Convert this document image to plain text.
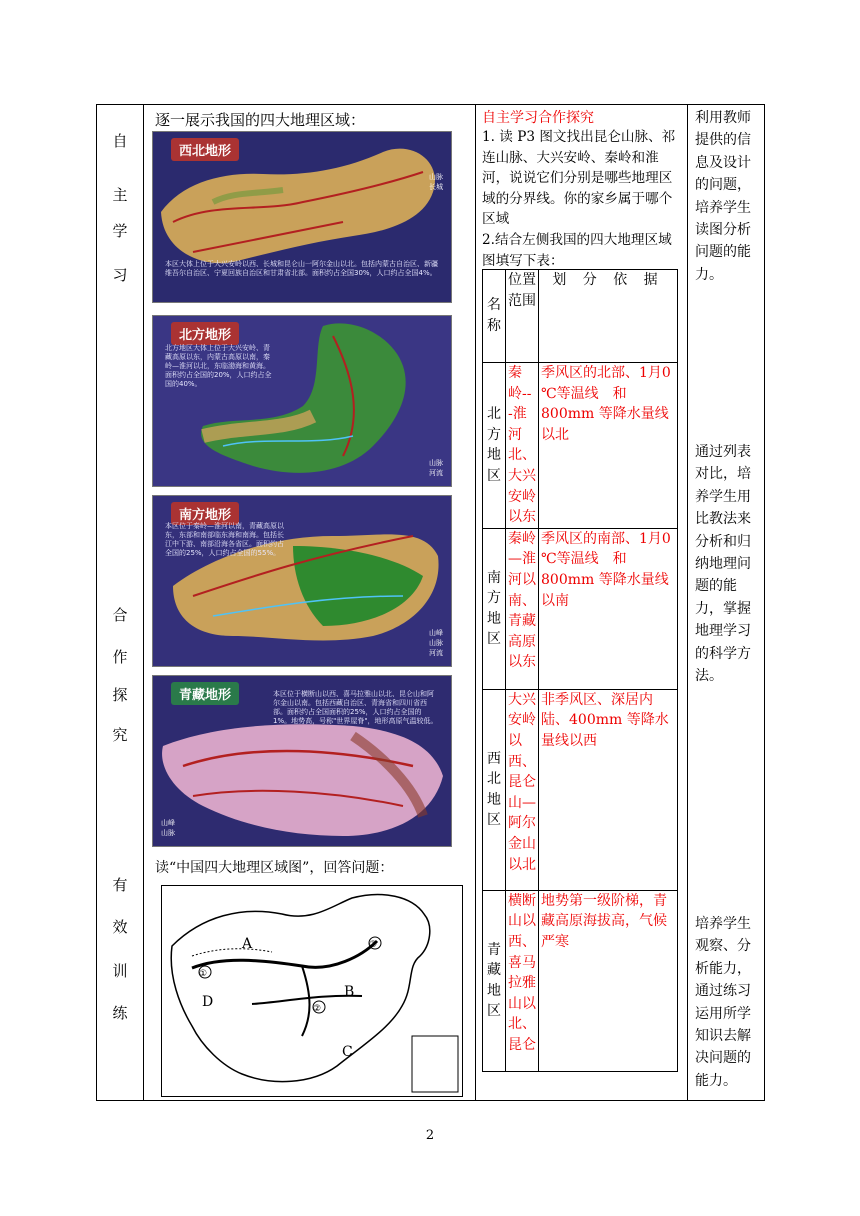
自
主
学
习
合
作
探
究
有
效
训
练
逐一展示我国的四大地理区域：
西北地形
本区大体上位于大兴安岭以西、长城和昆仑山一阿尔金山以北。包括内蒙古自治区、新疆维吾尔自治区、宁夏回族自治区和甘肃省北部。面积约占全国30%，人口约占全国4%。
山脉
长城
北方地形
北方地区大体上位于大兴安岭、青藏高原以东，内蒙古高原以南，秦岭—淮河以北，东临渤海和黄海。面积约占全国的20%，人口约占全国的40%。
山脉
河流
南方地形
本区位于秦岭—淮河以南，青藏高原以东，东部和南部临东海和南海。包括长江中下游、南部沿海各省区。面积约占全国的25%，人口约占全国的55%。
山峰
山脉
河流
青藏地形	本区位于横断山以西、喜马拉雅山以北、昆仑山和阿尔金山以南。包括西藏自治区、青海省和四川省西部。面积约占全国面积的25%，人口约占全国的1%。地势高，号称"世界屋脊"，地形高原气温较低。
山峰
山脉
读“中国四大地理区域图”，回答问题：
A
B
C
D
①
②
③
自主学习合作探究
1. 读 P3 图文找出昆仑山脉、祁连山脉、大兴安岭、秦岭和淮河，说说它们分别是哪些地理区域的分界线。你的家乡属于哪个区域
2.结合左侧我国的四大地理区域图填写下表：
名称	位置范围	划 分 依 据
北方地区	秦岭---淮河北、大兴安岭以东	季风区的北部、1月0 ℃等温线　和800mm 等降水量线以北
南方地区	秦岭—淮河以南、青藏高原以东	季风区的南部、1月0 ℃等温线　和 800mm 等降水量线以南
西北地区	大兴安岭以西、昆仑山—阿尔金山以北	非季风区、深居内陆、400mm 等降水量线以西
青藏地区	横断山以西、喜马拉雅山以北、昆仑	地势第一级阶梯，青藏高原海拔高，气候严寒
利用教师提供的信息及设计的问题，培养学生读图分析问题的能力。
通过列表对比，培养学生用比教法来分析和归纳地理问题的能力，掌握地理学习的科学方法。
培养学生观察、分析能力，通过练习运用所学知识去解决问题的能力。
2
